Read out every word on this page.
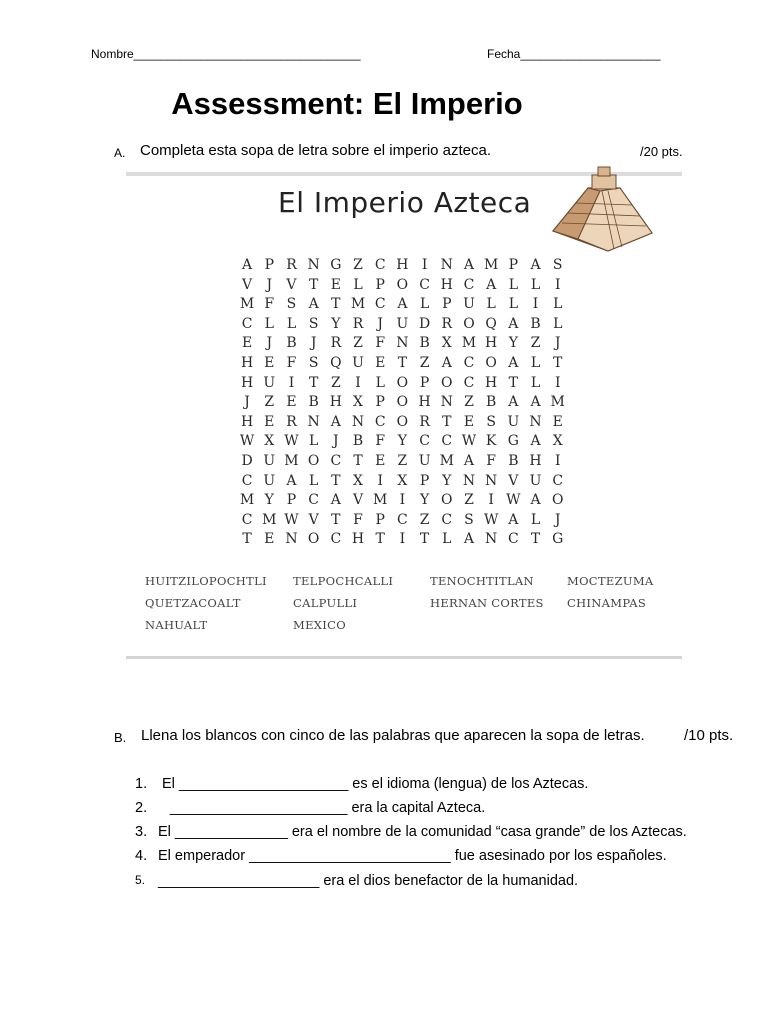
Nombre__________________________________	Fecha_____________________
Assessment: El Imperio
A. Completa esta sopa de letra sobre el imperio azteca.	/20 pts.
El Imperio Azteca
A P R N G Z C H I N A M P A S
V	J	V T E L P O C H C A L L	I
M F S A T M C A L P U L L	I	L
C L L S Y R	J U D R O Q A B L
E	J	B	J	R Z F N B X M H Y Z	J
H E F S Q U E T Z A C O A L T
H U I	T Z	I	L O P O C H T L	I
J	Z E B H X P O H N Z B A A M
H E R N A N C O R T E S U N E
W X W L	J	B F Y C C W K G A X
D U M O C T E Z U M A F B H I
C U A L T X	I	X P Y N N V U C
M Y P C A V M I	Y O Z	I W A O
C M W V T F P C Z C S W A L	J
T E N O C H T	I	T L A N C T G
HUITZILOPOCHTLI TELPOCHCALLI	TENOCHTITLAN	MOCTEZUMA
QUETZACOALT	CALPULLI	HERNAN CORTES CHINAMPAS
NAHUALT	MEXICO
B. Llena los blancos con cinco de las palabras que aparecen la sopa de letras.	/10 pts.
1. El _____________________ es el idioma (lengua) de los Aztecas.
2. ______________________ era la capital Azteca.
3. El ______________ era el nombre de la comunidad “casa grande” de los Aztecas.
4. El emperador _________________________ fue asesinado por los españoles.
5. ____________________ era el dios benefactor de la humanidad.
